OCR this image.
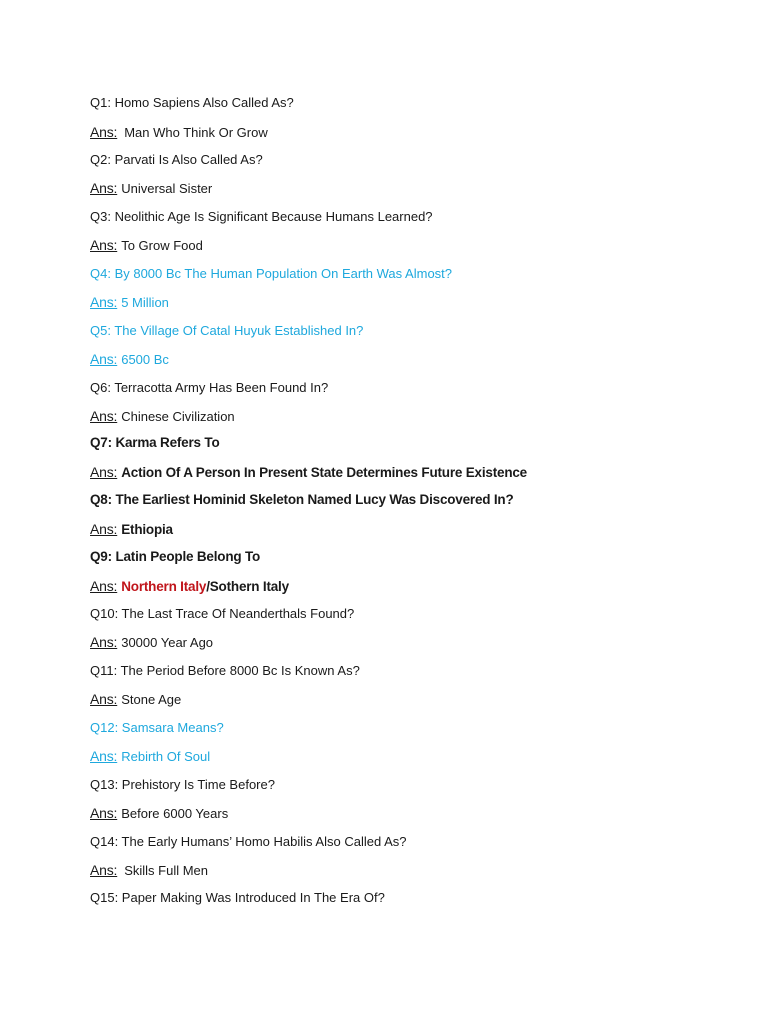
Q1: Homo Sapiens Also Called As?
Ans: Man Who Think Or Grow
Q2: Parvati Is Also Called As?
Ans: Universal Sister
Q3: Neolithic Age Is Significant Because Humans Learned?
Ans: To Grow Food
Q4: By 8000 Bc The Human Population On Earth Was Almost?
Ans: 5 Million
Q5: The Village Of Catal Huyuk Established In?
Ans: 6500 Bc
Q6: Terracotta Army Has Been Found In?
Ans: Chinese Civilization
Q7: Karma Refers To
Ans: Action Of A Person In Present State Determines Future Existence
Q8: The Earliest Hominid Skeleton Named Lucy Was Discovered In?
Ans: Ethiopia
Q9: Latin People Belong To
Ans: Northern Italy/Sothern Italy
Q10: The Last Trace Of Neanderthals Found?
Ans: 30000 Year Ago
Q11: The Period Before 8000 Bc Is Known As?
Ans: Stone Age
Q12: Samsara Means?
Ans: Rebirth Of Soul
Q13: Prehistory Is Time Before?
Ans: Before 6000 Years
Q14: The Early Humans’ Homo Habilis Also Called As?
Ans: Skills Full Men
Q15: Paper Making Was Introduced In The Era Of?
